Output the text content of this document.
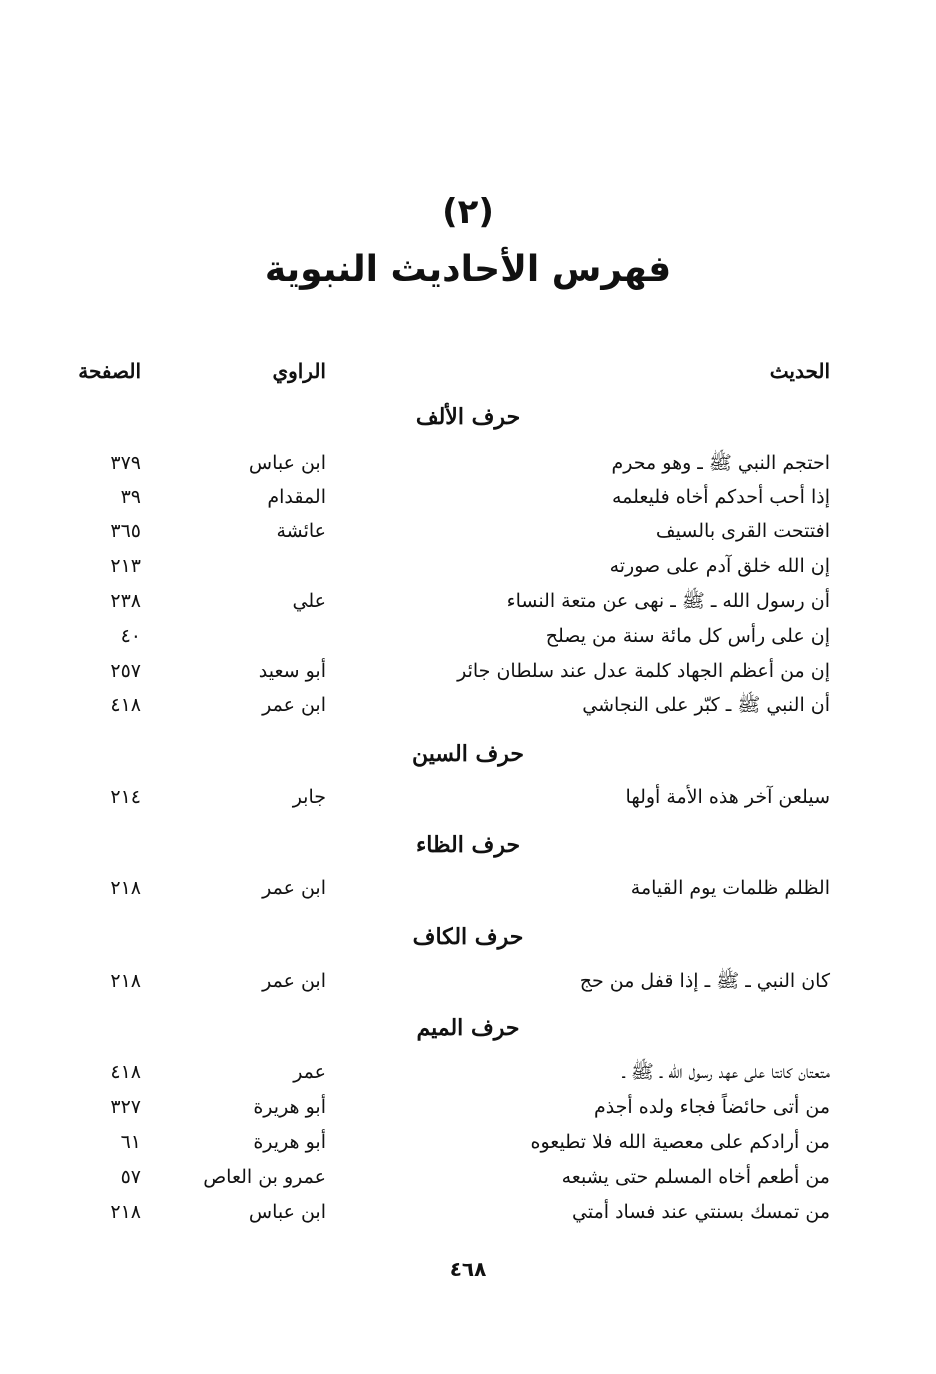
(٢)
فهرس الأحاديث النبوية
الحديث
الراوي
الصفحة
حرف الألف
احتجم النبي ﷺ ـ وهو محرم
ابن عباس
٣٧٩
إذا أحب أحدكم أخاه فليعلمه
المقدام
٣٩
افتتحت القرى بالسيف
عائشة
٣٦٥
إن الله خلق آدم على صورته
٢١٣
أن رسول الله ـ ﷺ ـ نهى عن متعة النساء
علي
٢٣٨
إن على رأس كل مائة سنة من يصلح
٤٠
إن من أعظم الجهاد كلمة عدل عند سلطان جائر
أبو سعيد
٢٥٧
أن النبي ﷺ ـ كبّر على النجاشي
ابن عمر
٤١٨
حرف السين
سيلعن آخر هذه الأمة أولها
جابر
٢١٤
حرف الظاء
الظلم ظلمات يوم القيامة
ابن عمر
٢١٨
حرف الكاف
كان النبي ـ ﷺ ـ إذا قفل من حج
ابن عمر
٢١٨
حرف الميم
متعتان كانتا على عهد رسول الله ـ ﷺ ـ
عمر
٤١٨
من أتى حائضاً فجاء ولده أجذم
أبو هريرة
٣٢٧
من أرادكم على معصية الله فلا تطيعوه
أبو هريرة
٦١
من أطعم أخاه المسلم حتى يشبعه
عمرو بن العاص
٥٧
من تمسك بسنتي عند فساد أمتي
ابن عباس
٢١٨
٤٦٨
